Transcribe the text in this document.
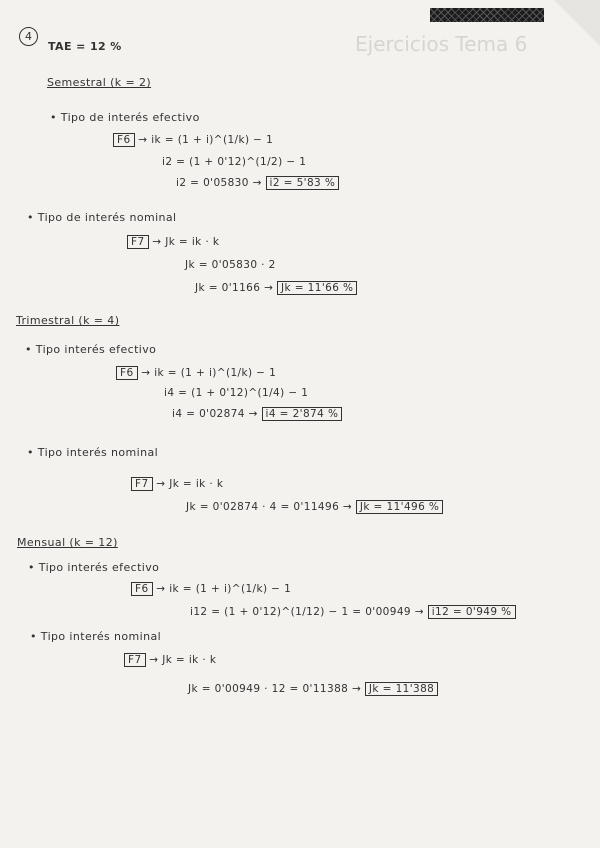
Ejercicios Tema 6
4
TAE = 12 %
Semestral (k = 2)
• Tipo de interés efectivo
F6 → ik = (1 + i)^(1/k) − 1
i2 = (1 + 0'12)^(1/2) − 1
i2 = 0'05830 → i2 = 5'83 %
• Tipo de interés nominal
F7 → Jk = ik · k
Jk = 0'05830 · 2
Jk = 0'1166 → Jk = 11'66 %
Trimestral (k = 4)
• Tipo interés efectivo
F6 → ik = (1 + i)^(1/k) − 1
i4 = (1 + 0'12)^(1/4) − 1
i4 = 0'02874 → i4 = 2'874 %
• Tipo interés nominal
F7 → Jk = ik · k
Jk = 0'02874 · 4 = 0'11496 → Jk = 11'496 %
Mensual (k = 12)
• Tipo interés efectivo
F6 → ik = (1 + i)^(1/k) − 1
i12 = (1 + 0'12)^(1/12) − 1 = 0'00949 → i12 = 0'949 %
• Tipo interés nominal
F7 → Jk = ik · k
Jk = 0'00949 · 12 = 0'11388 → Jk = 11'388
